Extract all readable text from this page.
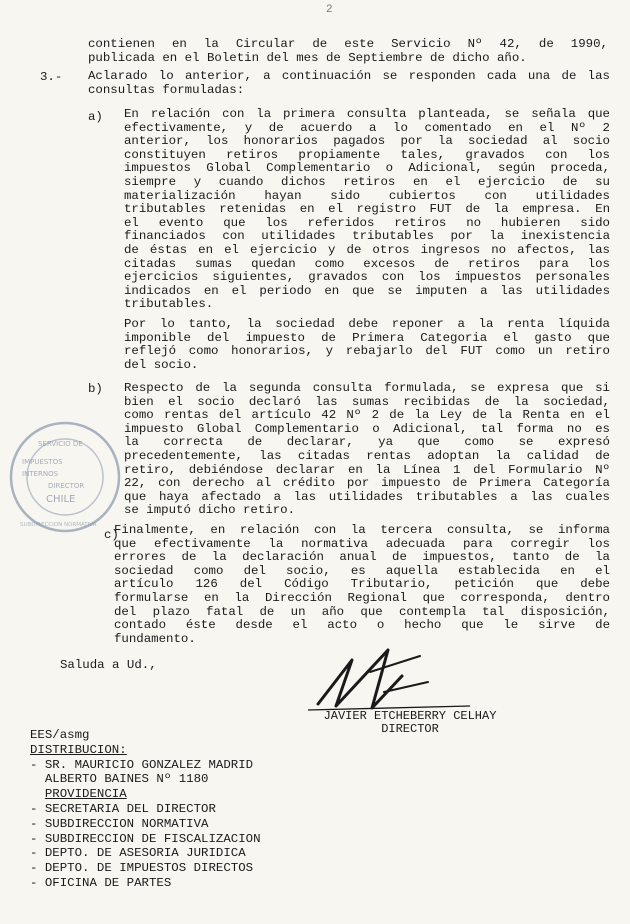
2
contienen en la Circular de este Servicio Nº 42, de 1990,
publicada en el Boletin del mes de Septiembre de dicho año.
3.- Aclarado lo anterior, a continuación se responden cada una de las
consultas formuladas:
a) En relación con la primera consulta planteada, se señala que
efectivamente, y de acuerdo a lo comentado en el Nº 2
anterior, los honorarios pagados por la sociedad al socio
constituyen retiros propiamente tales, gravados con los
impuestos Global Complementario o Adicional, según proceda,
siempre y cuando dichos retiros en el ejercicio de su
materialización hayan sido cubiertos con utilidades
tributables retenidas en el registro FUT de la empresa. En
el evento que los referidos retiros no hubieren sido
financiados con utilidades tributables por la inexistencia
de éstas en el ejercicio y de otros ingresos no afectos, las
citadas sumas quedan como excesos de retiros para los
ejercicios siguientes, gravados con los impuestos personales
indicados en el periodo en que se imputen a las utilidades
tributables.
Por lo tanto, la sociedad debe reponer a la renta líquida
imponible del impuesto de Primera Categoria el gasto que
reflejó como honorarios, y rebajarlo del FUT como un retiro
del socio.
b) Respecto de la segunda consulta formulada, se expresa que si
bien el socio declaró las sumas recibidas de la sociedad,
como rentas del artículo 42 Nº 2 de la Ley de la Renta en el
impuesto Global Complementario o Adicional, tal forma no es
la correcta de declarar, ya que como se expresó
precedentemente, las citadas rentas adoptan la calidad de
retiro, debiéndose declarar en la Línea 1 del Formulario Nº
22, con derecho al crédito por impuesto de Primera Categoría
que haya afectado a las utilidades tributables a las cuales
se imputó dicho retiro.
c)
Finalmente, en relación con la tercera consulta, se informa
que efectivamente la normativa adecuada para corregir los
errores de la declaración anual de impuestos, tanto de la
sociedad como del socio, es aquella establecida en el
artículo 126 del Código Tributario, petición que debe
formularse en la Dirección Regional que corresponda, dentro
del plazo fatal de un año que contempla tal disposición,
contado éste desde el acto o hecho que le sirve de
fundamento.
Saluda a Ud.,
SERVICIO DE
IMPUESTOS
INTERNOS
DIRECTOR
CHILE
SUBDIRECCION NORMATIVA
JAVIER ETCHEBERRY CELHAY
DIRECTOR
EES/asmg
DISTRIBUCION:
- SR. MAURICIO GONZALEZ MADRID
ALBERTO BAINES Nº 1180
PROVIDENCIA
- SECRETARIA DEL DIRECTOR
- SUBDIRECCION NORMATIVA
- SUBDIRECCION DE FISCALIZACION
- DEPTO. DE ASESORIA JURIDICA
- DEPTO. DE IMPUESTOS DIRECTOS
- OFICINA DE PARTES
